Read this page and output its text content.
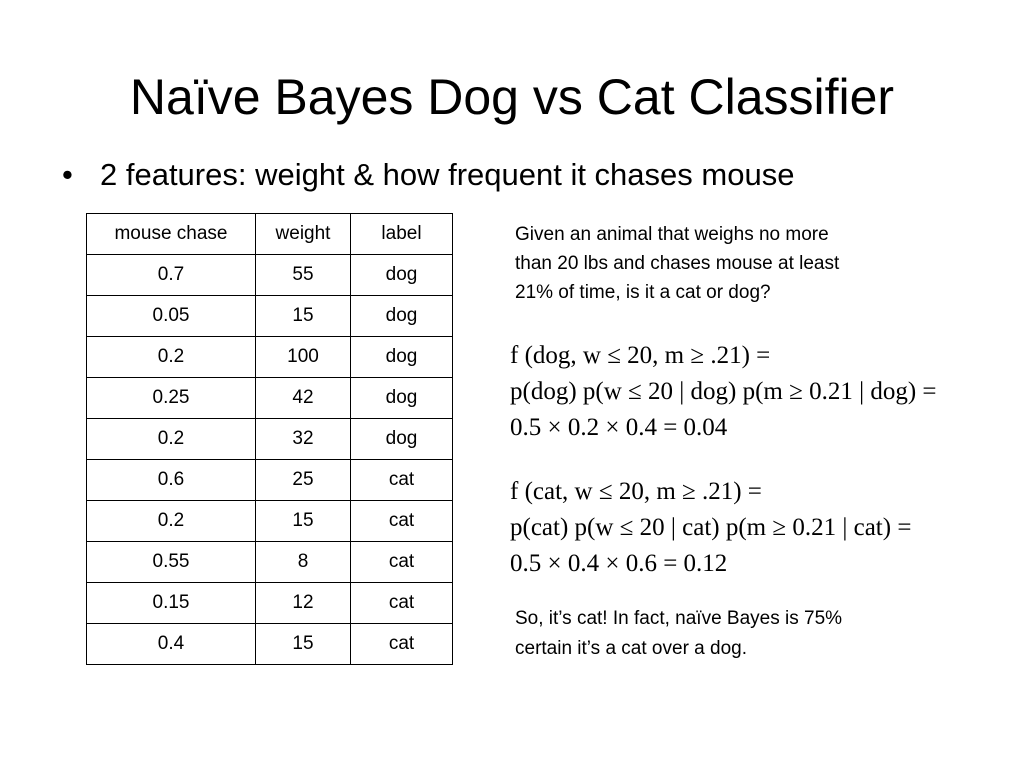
Naïve Bayes Dog vs Cat Classifier
• 2 features: weight & how frequent it chases mouse
mouse chase	weight	label
0.7	55	dog
0.05	15	dog
0.2	100	dog
0.25	42	dog
0.2	32	dog
0.6	25	cat
0.2	15	cat
0.55	8	cat
0.15	12	cat
0.4	15	cat
Given an animal that weighs no more
than 20 lbs and chases mouse at least
21% of time, is it a cat or dog?
f (dog, w ≤ 20, m ≥ .21) =
p(dog) p(w ≤ 20 | dog) p(m ≥ 0.21 | dog) =
0.5 × 0.2 × 0.4 = 0.04
f (cat, w ≤ 20, m ≥ .21) =
p(cat) p(w ≤ 20 | cat) p(m ≥ 0.21 | cat) =
0.5 × 0.4 × 0.6 = 0.12
So, it’s cat! In fact, naïve Bayes is 75%
certain it’s a cat over a dog.
